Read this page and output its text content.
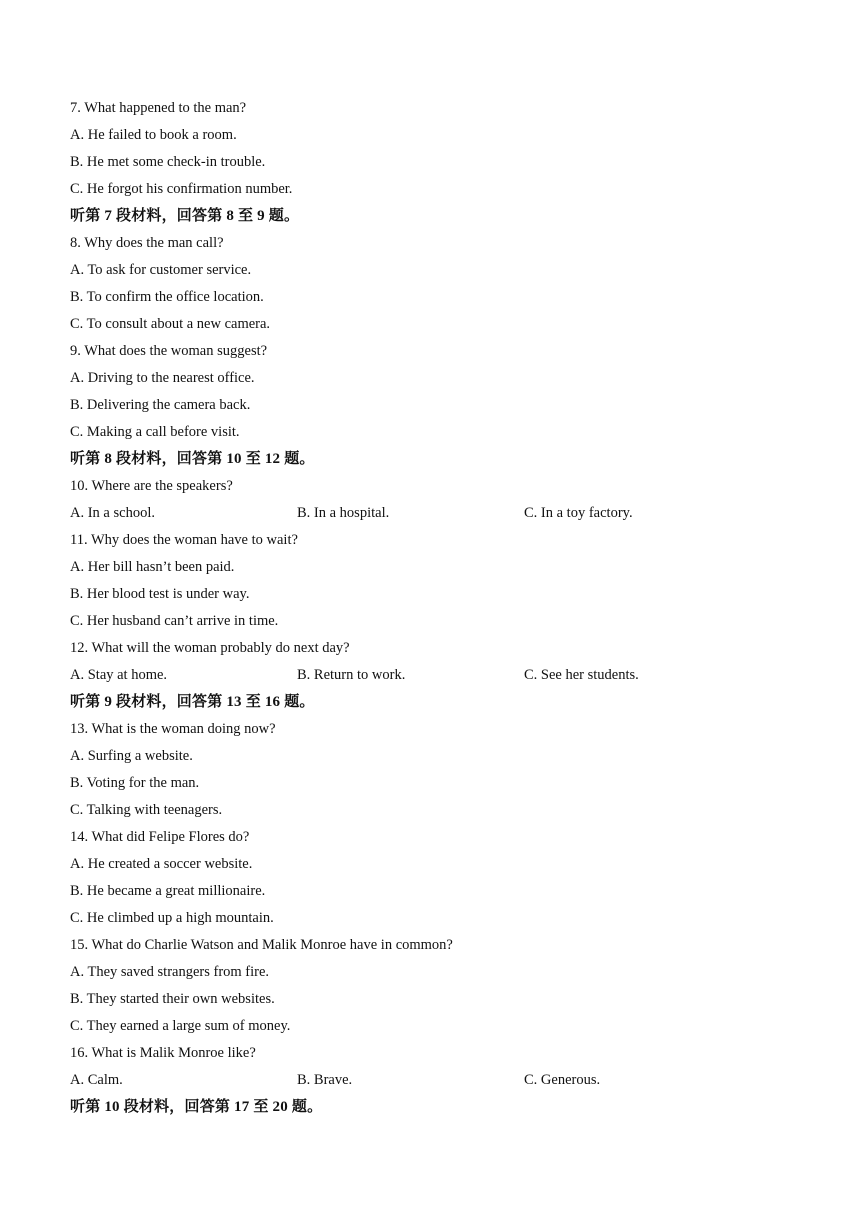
7. What happened to the man?
A. He failed to book a room.
B. He met some check-in trouble.
C. He forgot his confirmation number.
听第 7 段材料，回答第 8 至 9 题。
8. Why does the man call?
A. To ask for customer service.
B. To confirm the office location.
C. To consult about a new camera.
9. What does the woman suggest?
A. Driving to the nearest office.
B. Delivering the camera back.
C. Making a call before visit.
听第 8 段材料，回答第 10 至 12 题。
10. Where are the speakers?
A. In a school.	B. In a hospital.	C. In a toy factory.
11. Why does the woman have to wait?
A. Her bill hasn’t been paid.
B. Her blood test is under way.
C. Her husband can’t arrive in time.
12. What will the woman probably do next day?
A. Stay at home.	B. Return to work.	C. See her students.
听第 9 段材料，回答第 13 至 16 题。
13. What is the woman doing now?
A. Surfing a website.
B. Voting for the man.
C. Talking with teenagers.
14. What did Felipe Flores do?
A. He created a soccer website.
B. He became a great millionaire.
C. He climbed up a high mountain.
15. What do Charlie Watson and Malik Monroe have in common?
A. They saved strangers from fire.
B. They started their own websites.
C. They earned a large sum of money.
16. What is Malik Monroe like?
A. Calm.	B. Brave.	C. Generous.
听第 10 段材料，回答第 17 至 20 题。
